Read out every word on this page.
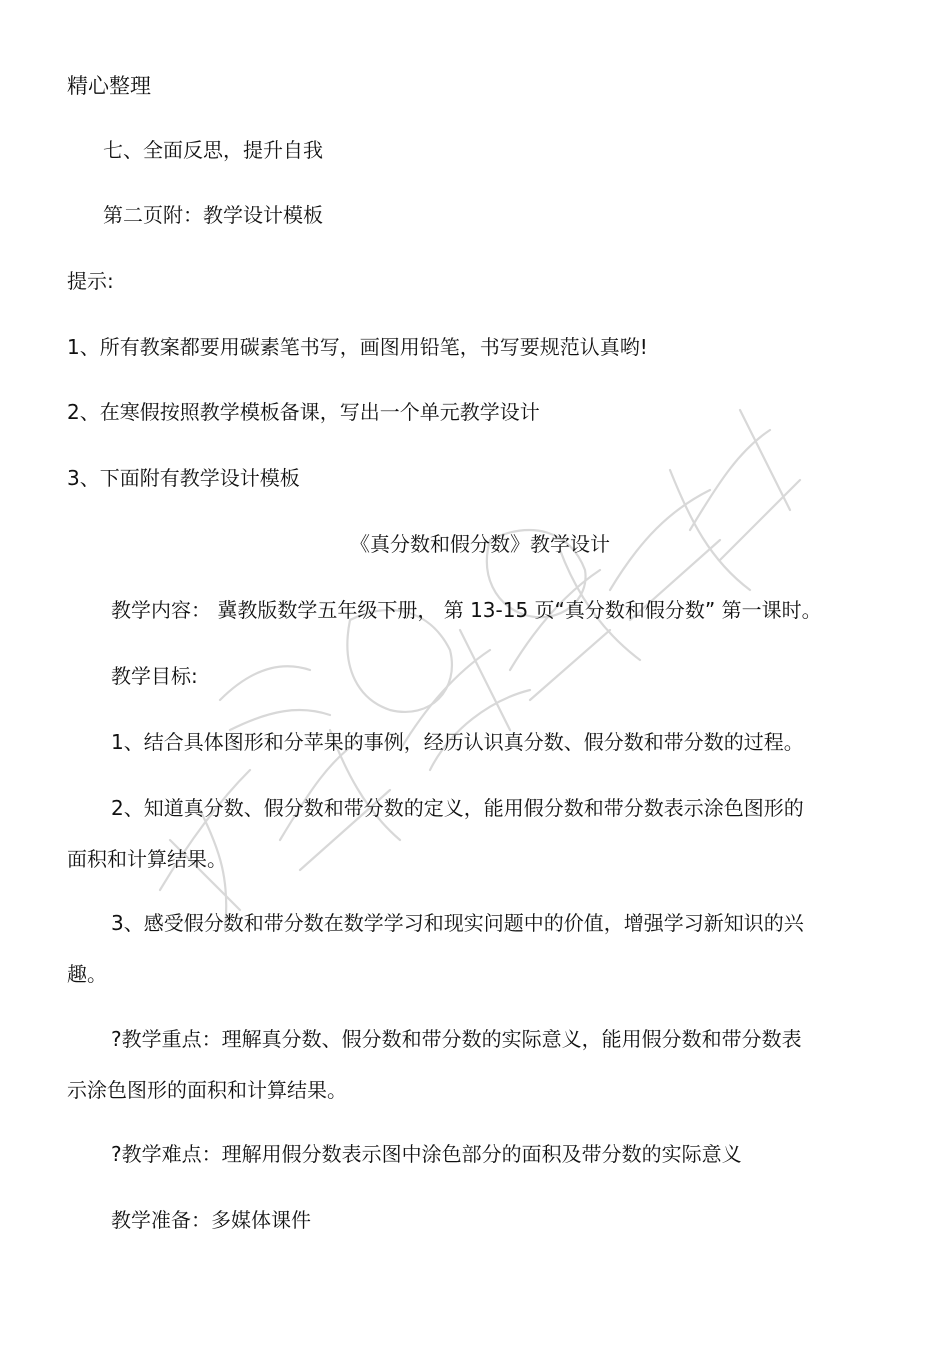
精心整理
七、全面反思，提升自我
第二页附：教学设计模板
提示:
1、所有教案都要用碳素笔书写，画图用铅笔，书写要规范认真哟!
2、在寒假按照教学模板备课，写出一个单元教学设计
3、下面附有教学设计模板
《真分数和假分数》教学设计
教学内容： 冀教版数学五年级下册， 第 13-15 页“真分数和假分数” 第一课时。
教学目标:
1、结合具体图形和分苹果的事例，经历认识真分数、假分数和带分数的过程。
2、知道真分数、假分数和带分数的定义，能用假分数和带分数表示涂色图形的
面积和计算结果。
3、感受假分数和带分数在数学学习和现实问题中的价值，增强学习新知识的兴
趣。
?教学重点：理解真分数、假分数和带分数的实际意义，能用假分数和带分数表
示涂色图形的面积和计算结果。
?教学难点：理解用假分数表示图中涂色部分的面积及带分数的实际意义
教学准备：多媒体课件
